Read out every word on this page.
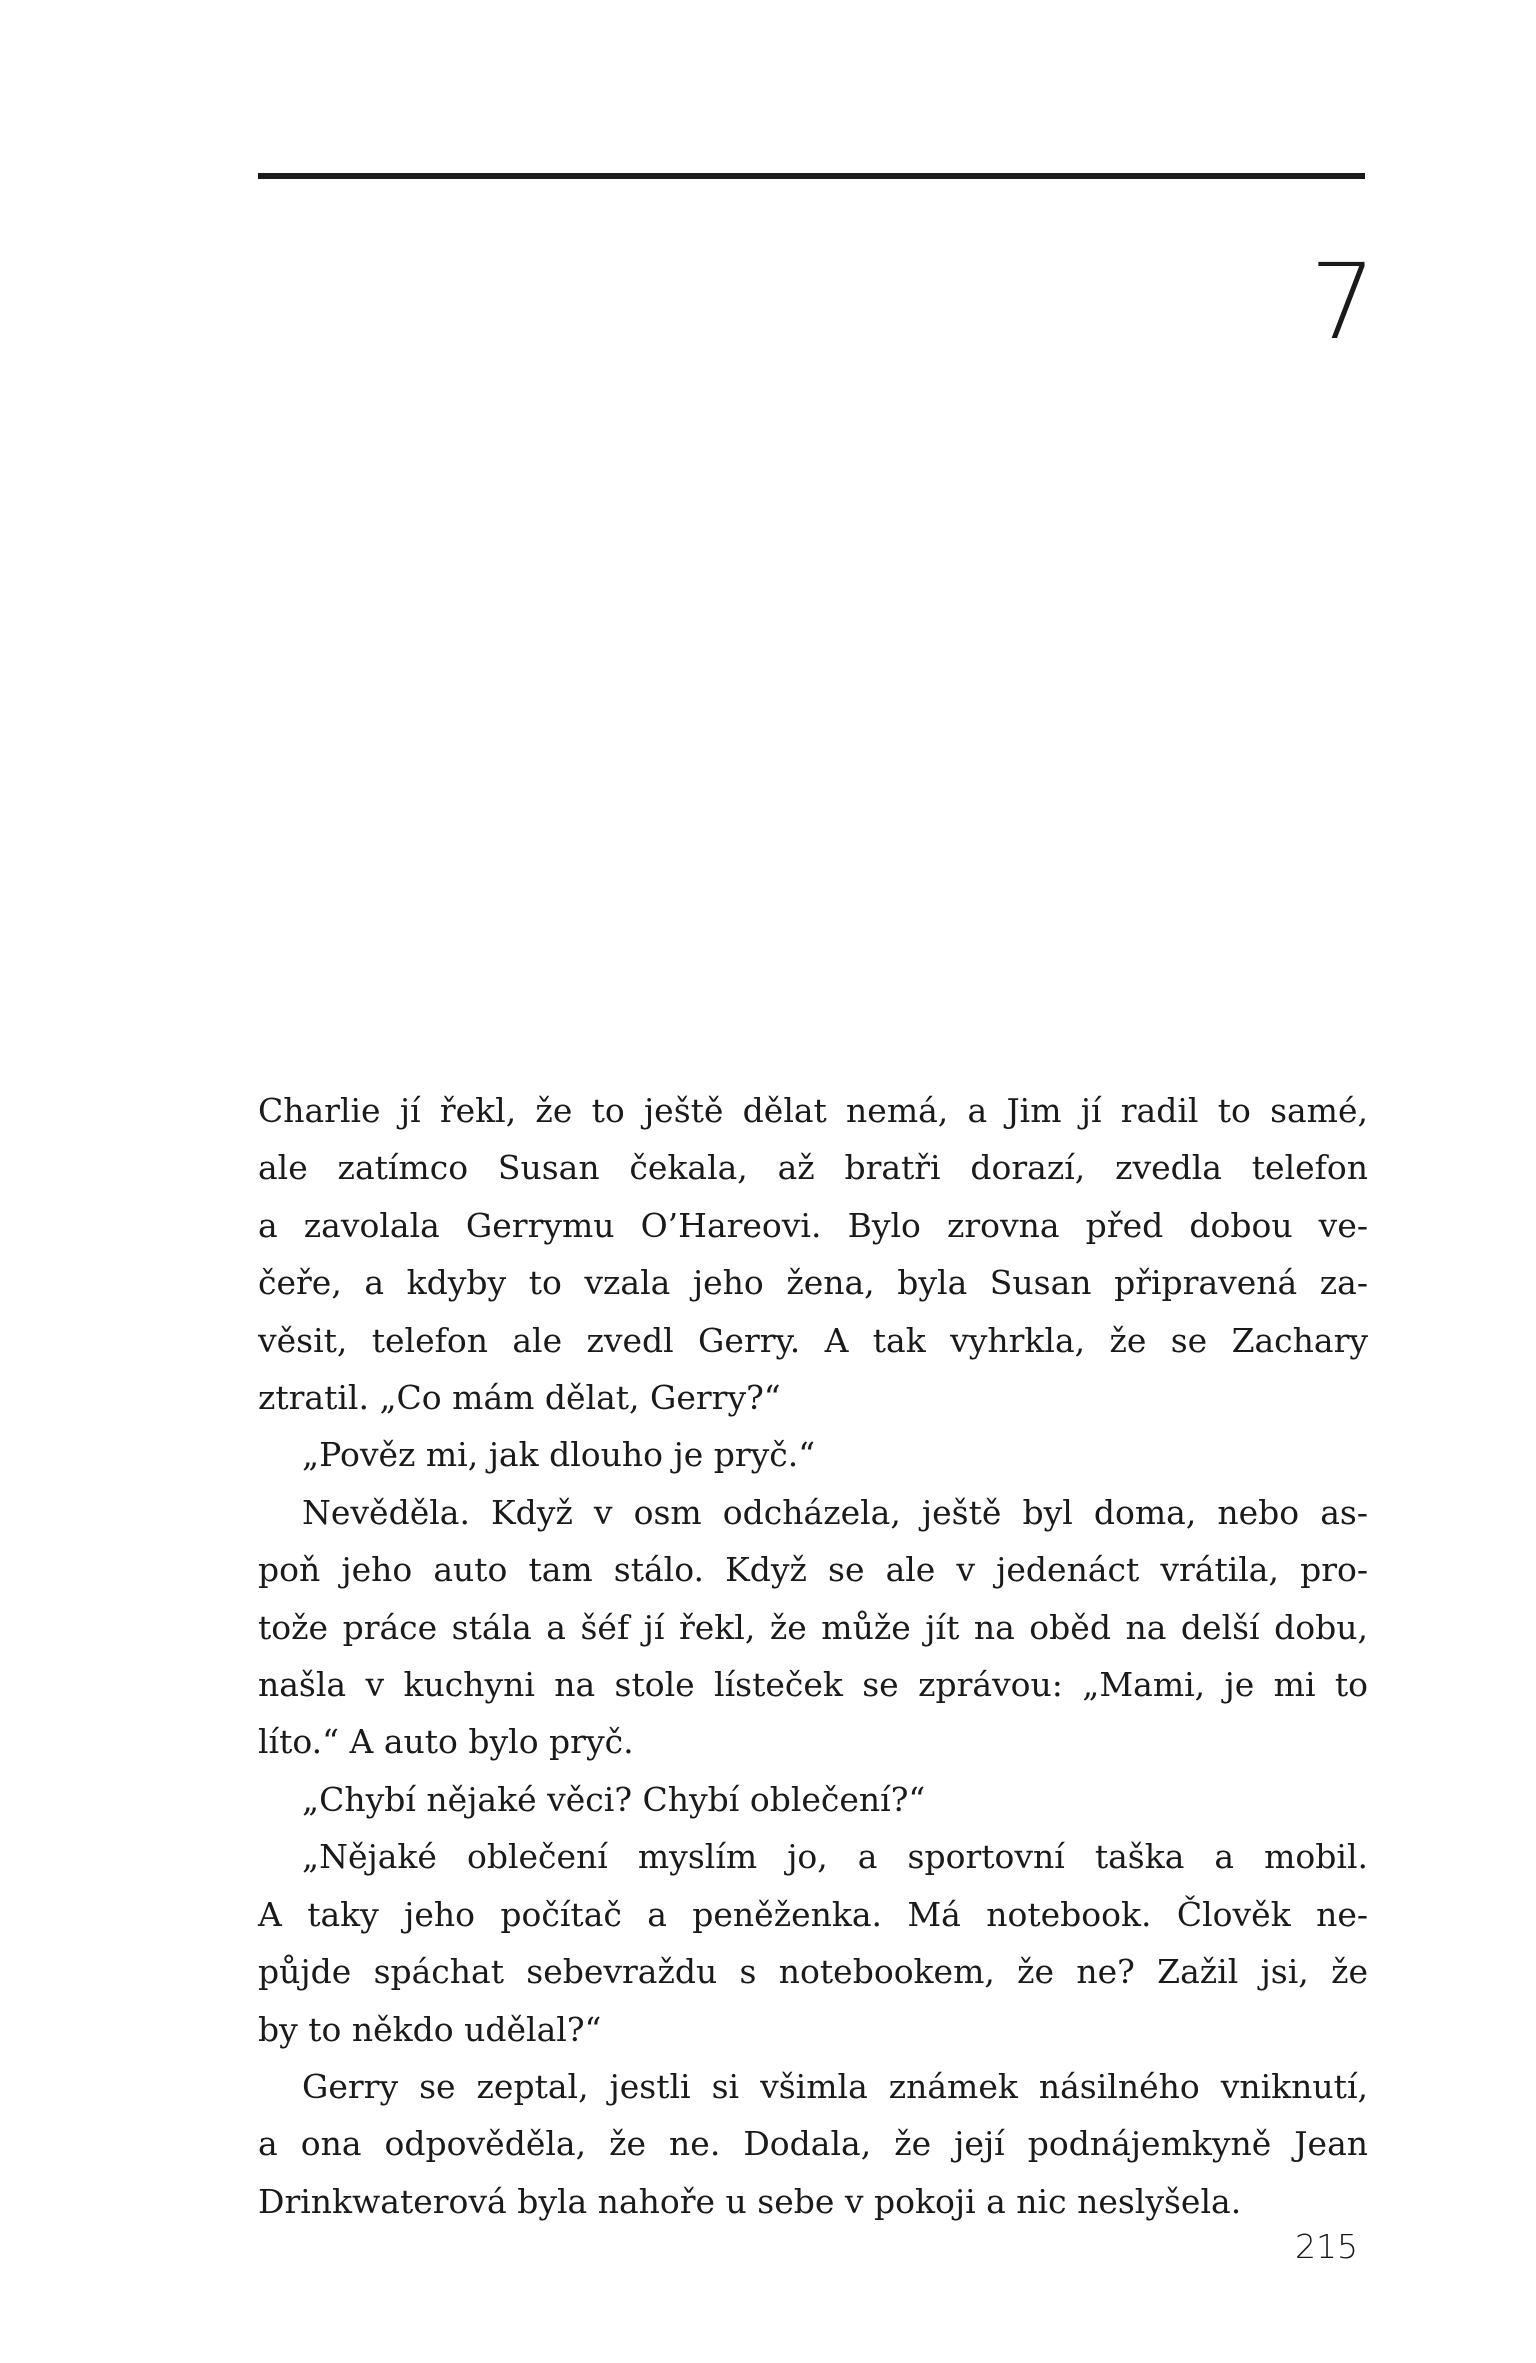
7
Charlie jí řekl, že to ještě dělat nemá, a Jim jí radil to samé,
ale zatímco Susan čekala, až bratři dorazí, zvedla telefon
a zavolala Gerrymu O’Hareovi. Bylo zrovna před dobou ve-
čeře, a kdyby to vzala jeho žena, byla Susan připravená za-
věsit, telefon ale zvedl Gerry. A tak vyhrkla, že se Zachary
ztratil. „Co mám dělat, Gerry?“
„Pověz mi, jak dlouho je pryč.“
Nevěděla. Když v osm odcházela, ještě byl doma, nebo as-
poň jeho auto tam stálo. Když se ale v jedenáct vrátila, pro-
tože práce stála a šéf jí řekl, že může jít na oběd na delší dobu,
našla v kuchyni na stole lísteček se zprávou: „Mami, je mi to
líto.“ A auto bylo pryč.
„Chybí nějaké věci? Chybí oblečení?“
„Nějaké oblečení myslím jo, a sportovní taška a mobil.
A taky jeho počítač a peněženka. Má notebook. Člověk ne-
půjde spáchat sebevraždu s notebookem, že ne? Zažil jsi, že
by to někdo udělal?“
Gerry se zeptal, jestli si všimla známek násilného vniknutí,
a ona odpověděla, že ne. Dodala, že její podnájemkyně Jean
Drinkwaterová byla nahoře u sebe v pokoji a nic neslyšela.
215
